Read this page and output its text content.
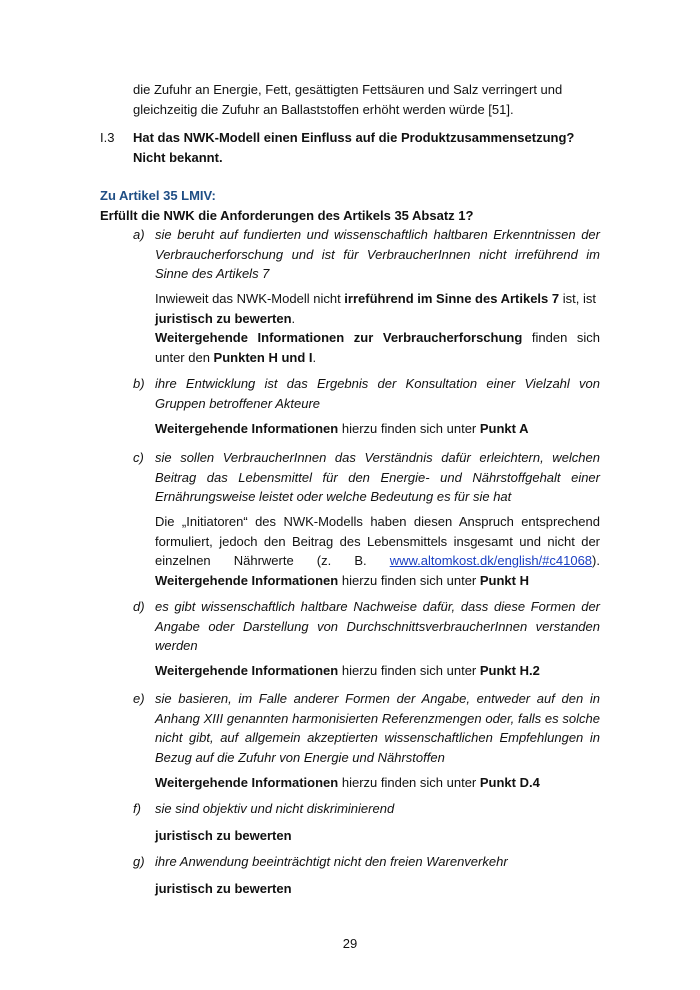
die Zufuhr an Energie, Fett, gesättigten Fettsäuren und Salz verringert und
gleichzeitig die Zufuhr an Ballaststoffen erhöht werden würde [51].

I.3	Hat das NWK-Modell einen Einfluss auf die Produktzusammensetzung?
Nicht bekannt.

Zu Artikel 35 LMIV:
Erfüllt die NWK die Anforderungen des Artikels 35 Absatz 1?
a) sie beruht auf fundierten und wissenschaftlich haltbaren Erkenntnissen der Verbraucherforschung und ist für VerbraucherInnen nicht irreführend im Sinne des Artikels 7

Inwieweit das NWK-Modell nicht irreführend im Sinne des Artikels 7 ist, ist
juristisch zu bewerten.
Weitergehende Informationen zur Verbraucherforschung finden sich unter den Punkten H und I.

b) ihre Entwicklung ist das Ergebnis der Konsultation einer Vielzahl von Gruppen betroffener Akteure

Weitergehende Informationen hierzu finden sich unter Punkt A

c) sie sollen VerbraucherInnen das Verständnis dafür erleichtern, welchen Beitrag das Lebensmittel für den Energie- und Nährstoffgehalt einer Ernährungsweise leistet oder welche Bedeutung es für sie hat

Die „Initiatoren“ des NWK-Modells haben diesen Anspruch entsprechend formuliert, jedoch den Beitrag des Lebensmittels insgesamt und nicht der einzelnen Nährwerte (z. B. www.altomkost.dk/english/#c41068). Weitergehende Informationen hierzu finden sich unter Punkt H

d) es gibt wissenschaftlich haltbare Nachweise dafür, dass diese Formen der Angabe oder Darstellung von DurchschnittsverbraucherInnen verstanden werden

Weitergehende Informationen hierzu finden sich unter Punkt H.2

e) sie basieren, im Falle anderer Formen der Angabe, entweder auf den in Anhang XIII genannten harmonisierten Referenzmengen oder, falls es solche nicht gibt, auf allgemein akzeptierten wissenschaftlichen Empfehlungen in Bezug auf die Zufuhr von Energie und Nährstoffen

Weitergehende Informationen hierzu finden sich unter Punkt D.4

f) sie sind objektiv und nicht diskriminierend

juristisch zu bewerten

g) ihre Anwendung beeinträchtigt nicht den freien Warenverkehr

juristisch zu bewerten

29
